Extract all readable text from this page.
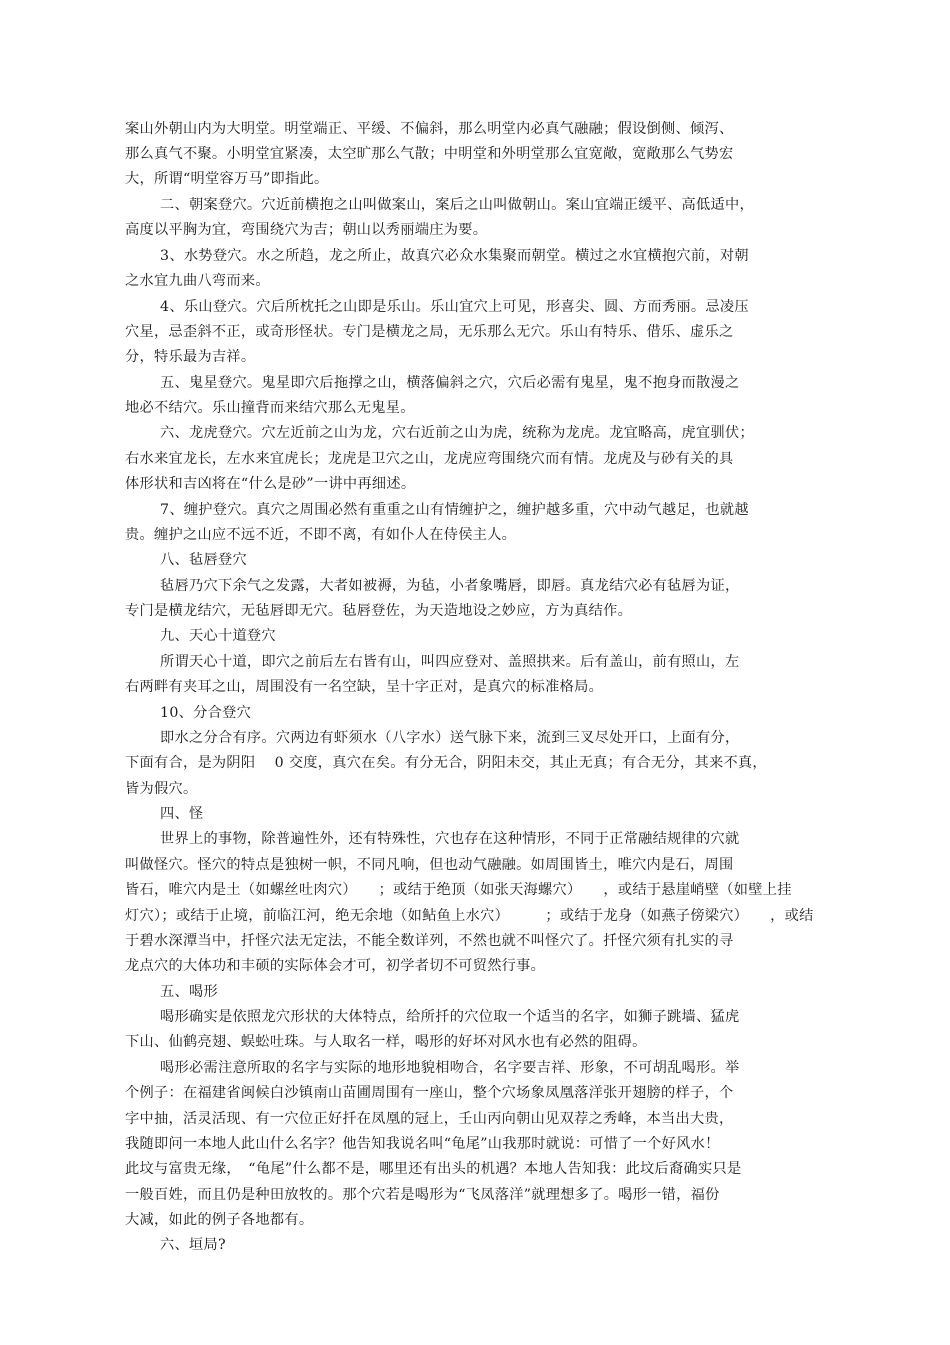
案山外朝山内为大明堂。明堂端正、平缓、不偏斜，那么明堂内必真气融融；假设倒侧、倾泻、
那么真气不聚。小明堂宜紧凑，太空旷那么气散；中明堂和外明堂那么宜宽敞，宽敞那么气势宏
大，所谓“明堂容万马”即指此。
二、朝案登穴。穴近前横抱之山叫做案山，案后之山叫做朝山。案山宜端正缓平、高低适中，
高度以平胸为宜，弯围绕穴为吉；朝山以秀丽端庄为要。
3、水势登穴。水之所趋，龙之所止，故真穴必众水集聚而朝堂。横过之水宜横抱穴前，对朝
之水宜九曲八弯而来。
4、乐山登穴。穴后所枕托之山即是乐山。乐山宜穴上可见，形喜尖、圆、方而秀丽。忌凌压
穴星，忌歪斜不正，或奇形怪状。专门是横龙之局，无乐那么无穴。乐山有特乐、借乐、虚乐之
分，特乐最为吉祥。
五、鬼星登穴。鬼星即穴后拖撑之山，横落偏斜之穴，穴后必需有鬼星，鬼不抱身而散漫之
地必不结穴。乐山撞背而来结穴那么无鬼星。
六、龙虎登穴。穴左近前之山为龙，穴右近前之山为虎，统称为龙虎。龙宜略高，虎宜驯伏；
右水来宜龙长，左水来宜虎长；龙虎是卫穴之山，龙虎应弯围绕穴而有情。龙虎及与砂有关的具
体形状和吉凶将在“什么是砂”一讲中再细述。
7、缠护登穴。真穴之周围必然有重重之山有情缠护之，缠护越多重，穴中动气越足，也就越
贵。缠护之山应不远不近，不即不离，有如仆人在侍侯主人。
八、毡唇登穴
毡唇乃穴下余气之发露，大者如被褥，为毡，小者象嘴唇，即唇。真龙结穴必有毡唇为证，
专门是横龙结穴，无毡唇即无穴。毡唇登佐，为天造地设之妙应，方为真结作。
九、天心十道登穴
所谓天心十道，即穴之前后左右皆有山，叫四应登对、盖照拱来。后有盖山，前有照山，左
右两畔有夹耳之山，周围没有一名空缺，呈十字正对，是真穴的标准格局。
10、分合登穴
即水之分合有序。穴两边有虾须水（八字水）送气脉下来，流到三叉尽处开口，上面有分，
下面有合，是为阴阳 　0 交度，真穴在矣。有分无合，阴阳未交，其止无真；有合无分，其来不真，
皆为假穴。
四、怪
世界上的事物，除普遍性外，还有特殊性，穴也存在这种情形，不同于正常融结规律的穴就
叫做怪穴。怪穴的特点是独树一帜，不同凡响，但也动气融融。如周围皆土，唯穴内是石，周围
皆石，唯穴内是土（如螺丝吐肉穴）　　；或结于绝顶（如张天海螺穴）　　，或结于悬崖峭壁（如壁上挂
灯穴）；或结于止境，前临江河，绝无余地（如鲇鱼上水穴）　　　；或结于龙身（如燕子傍梁穴）　　，或结
于碧水深潭当中，扦怪穴法无定法，不能全数详列，不然也就不叫怪穴了。扦怪穴须有扎实的寻
龙点穴的大体功和丰硕的实际体会才可，初学者切不可贸然行事。
五、喝形
喝形确实是依照龙穴形状的大体特点，给所扦的穴位取一个适当的名字，如狮子跳墙、猛虎
下山、仙鹤亮翅、蜈蚣吐珠。与人取名一样，喝形的好坏对风水也有必然的阻碍。
喝形必需注意所取的名字与实际的地形地貌相吻合，名字要吉祥、形象，不可胡乱喝形。举
个例子：在福建省闽候白沙镇南山苗圃周围有一座山，整个穴场象凤凰落洋张开翅膀的样子，个
字中抽，活灵活现、有一穴位正好扦在凤凰的冠上，壬山丙向朝山见双荐之秀峰，本当出大贵，
我随即问一本地人此山什么名字？他告知我说名叫“龟尾”山我那时就说：可惜了一个好风水！
此坟与富贵无缘，　“龟尾”什么都不是，哪里还有出头的机遇？本地人告知我：此坟后裔确实只是
一般百姓，而且仍是种田放牧的。那个穴若是喝形为“飞凤落洋”就理想多了。喝形一错，福份
大减，如此的例子各地都有。
六、垣局?
